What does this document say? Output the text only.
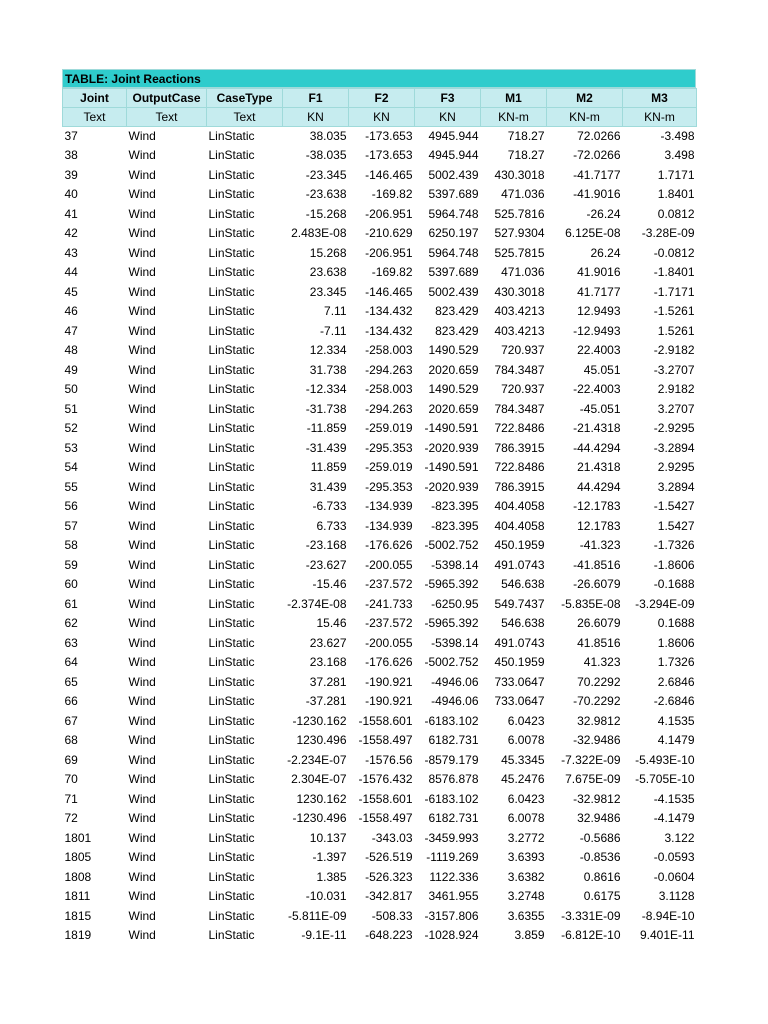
TABLE: Joint Reactions
Joint	OutputCase	CaseType	F1	F2	F3	M1	M2	M3
Text	Text	Text	KN	KN	KN	KN-m	KN-m	KN-m
37	Wind	LinStatic	38.035	-173.653	4945.944	718.27	72.0266	-3.498
38	Wind	LinStatic	-38.035	-173.653	4945.944	718.27	-72.0266	3.498
39	Wind	LinStatic	-23.345	-146.465	5002.439	430.3018	-41.7177	1.7171
40	Wind	LinStatic	-23.638	-169.82	5397.689	471.036	-41.9016	1.8401
41	Wind	LinStatic	-15.268	-206.951	5964.748	525.7816	-26.24	0.0812
42	Wind	LinStatic	2.483E-08	-210.629	6250.197	527.9304	6.125E-08	-3.28E-09
43	Wind	LinStatic	15.268	-206.951	5964.748	525.7815	26.24	-0.0812
44	Wind	LinStatic	23.638	-169.82	5397.689	471.036	41.9016	-1.8401
45	Wind	LinStatic	23.345	-146.465	5002.439	430.3018	41.7177	-1.7171
46	Wind	LinStatic	7.11	-134.432	823.429	403.4213	12.9493	-1.5261
47	Wind	LinStatic	-7.11	-134.432	823.429	403.4213	-12.9493	1.5261
48	Wind	LinStatic	12.334	-258.003	1490.529	720.937	22.4003	-2.9182
49	Wind	LinStatic	31.738	-294.263	2020.659	784.3487	45.051	-3.2707
50	Wind	LinStatic	-12.334	-258.003	1490.529	720.937	-22.4003	2.9182
51	Wind	LinStatic	-31.738	-294.263	2020.659	784.3487	-45.051	3.2707
52	Wind	LinStatic	-11.859	-259.019	-1490.591	722.8486	-21.4318	-2.9295
53	Wind	LinStatic	-31.439	-295.353	-2020.939	786.3915	-44.4294	-3.2894
54	Wind	LinStatic	11.859	-259.019	-1490.591	722.8486	21.4318	2.9295
55	Wind	LinStatic	31.439	-295.353	-2020.939	786.3915	44.4294	3.2894
56	Wind	LinStatic	-6.733	-134.939	-823.395	404.4058	-12.1783	-1.5427
57	Wind	LinStatic	6.733	-134.939	-823.395	404.4058	12.1783	1.5427
58	Wind	LinStatic	-23.168	-176.626	-5002.752	450.1959	-41.323	-1.7326
59	Wind	LinStatic	-23.627	-200.055	-5398.14	491.0743	-41.8516	-1.8606
60	Wind	LinStatic	-15.46	-237.572	-5965.392	546.638	-26.6079	-0.1688
61	Wind	LinStatic	-2.374E-08	-241.733	-6250.95	549.7437	-5.835E-08	-3.294E-09
62	Wind	LinStatic	15.46	-237.572	-5965.392	546.638	26.6079	0.1688
63	Wind	LinStatic	23.627	-200.055	-5398.14	491.0743	41.8516	1.8606
64	Wind	LinStatic	23.168	-176.626	-5002.752	450.1959	41.323	1.7326
65	Wind	LinStatic	37.281	-190.921	-4946.06	733.0647	70.2292	2.6846
66	Wind	LinStatic	-37.281	-190.921	-4946.06	733.0647	-70.2292	-2.6846
67	Wind	LinStatic	-1230.162	-1558.601	-6183.102	6.0423	32.9812	4.1535
68	Wind	LinStatic	1230.496	-1558.497	6182.731	6.0078	-32.9486	4.1479
69	Wind	LinStatic	-2.234E-07	-1576.56	-8579.179	45.3345	-7.322E-09	-5.493E-10
70	Wind	LinStatic	2.304E-07	-1576.432	8576.878	45.2476	7.675E-09	-5.705E-10
71	Wind	LinStatic	1230.162	-1558.601	-6183.102	6.0423	-32.9812	-4.1535
72	Wind	LinStatic	-1230.496	-1558.497	6182.731	6.0078	32.9486	-4.1479
1801	Wind	LinStatic	10.137	-343.03	-3459.993	3.2772	-0.5686	3.122
1805	Wind	LinStatic	-1.397	-526.519	-1119.269	3.6393	-0.8536	-0.0593
1808	Wind	LinStatic	1.385	-526.323	1122.336	3.6382	0.8616	-0.0604
1811	Wind	LinStatic	-10.031	-342.817	3461.955	3.2748	0.6175	3.1128
1815	Wind	LinStatic	-5.811E-09	-508.33	-3157.806	3.6355	-3.331E-09	-8.94E-10
1819	Wind	LinStatic	-9.1E-11	-648.223	-1028.924	3.859	-6.812E-10	9.401E-11
